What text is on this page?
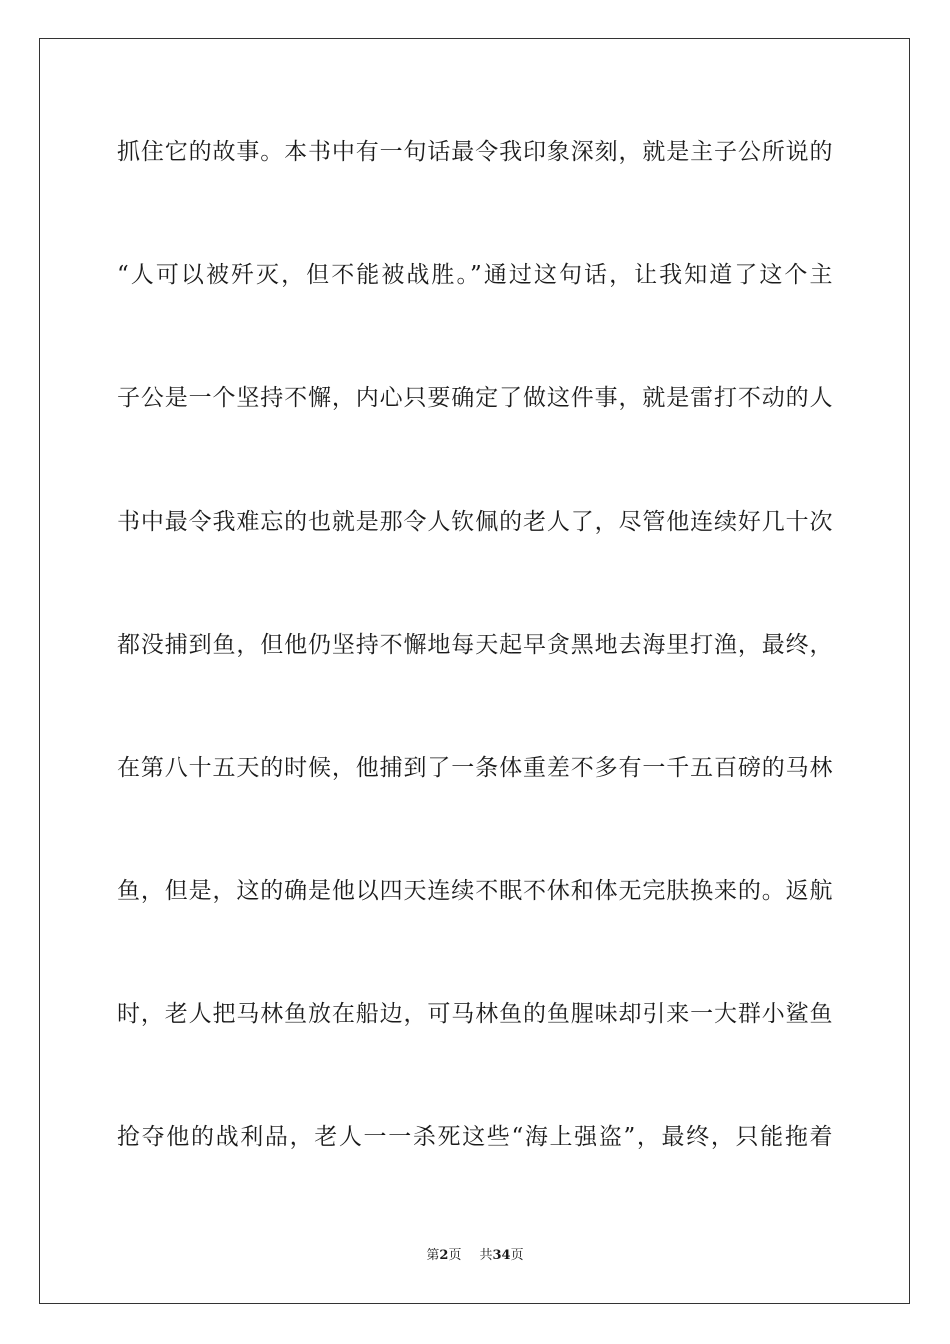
抓住它的故事。本书中有一句话最令我印象深刻，就是主子公所说的
“人可以被歼灭，但不能被战胜。”通过这句话，让我知道了这个主
子公是一个坚持不懈，内心只要确定了做这件事，就是雷打不动的人
书中最令我难忘的也就是那令人钦佩的老人了，尽管他连续好几十次
都没捕到鱼，但他仍坚持不懈地每天起早贪黑地去海里打渔，最终，
在第八十五天的时候，他捕到了一条体重差不多有一千五百磅的马林
鱼，但是，这的确是他以四天连续不眠不休和体无完肤换来的。返航
时，老人把马林鱼放在船边，可马林鱼的鱼腥味却引来一大群小鲨鱼
抢夺他的战利品，老人一一杀死这些“海上强盗”，最终，只能拖着
第2页 共34页
